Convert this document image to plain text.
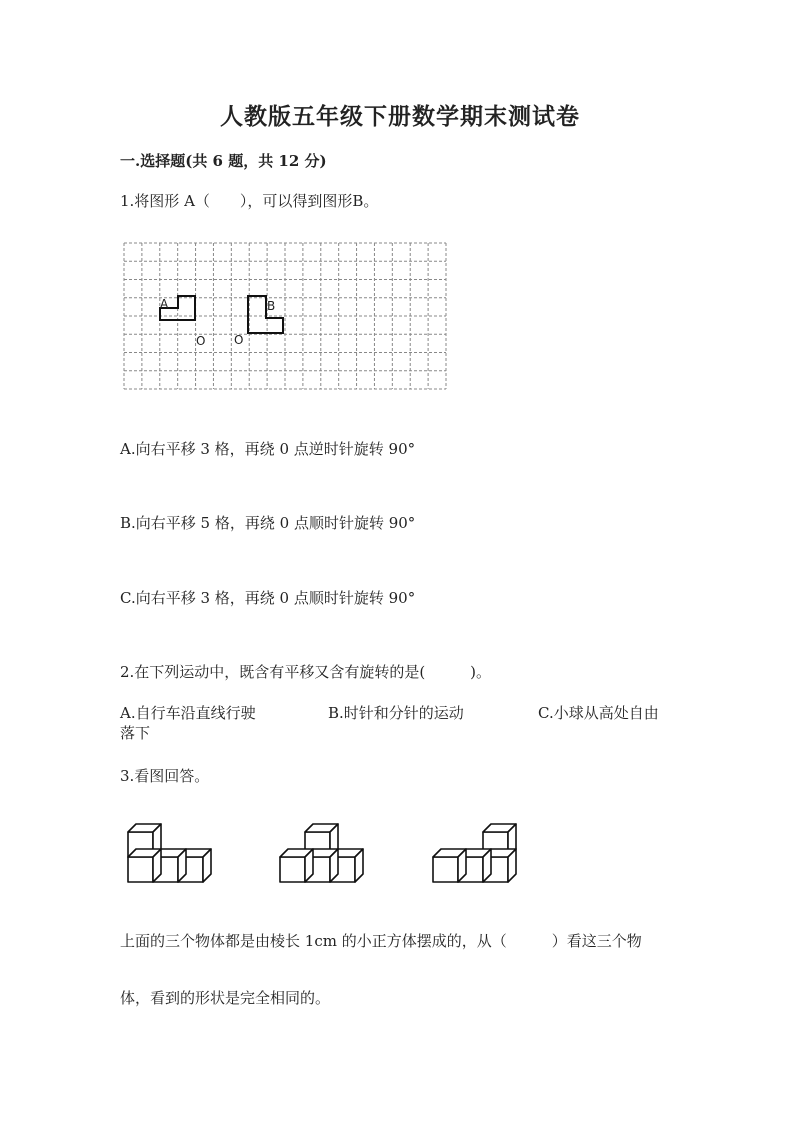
人教版五年级下册数学期末测试卷
一.选择题(共 6 题，共 12 分)
1.将图形 A（　　），可以得到图形B。
A	B
O O
A.向右平移 3 格，再绕 0 点逆时针旋转 90°
B.向右平移 5 格，再绕 0 点顺时针旋转 90°
C.向右平移 3 格，再绕 0 点顺时针旋转 90°
2.在下列运动中，既含有平移又含有旋转的是(　　　)。
A.自行车沿直线行驶	B.时针和分针的运动	C.小球从高处自由
落下
3.看图回答。
上面的三个物体都是由棱长 1cm 的小正方体摆成的，从（　　　）看这三个物
体，看到的形状是完全相同的。
